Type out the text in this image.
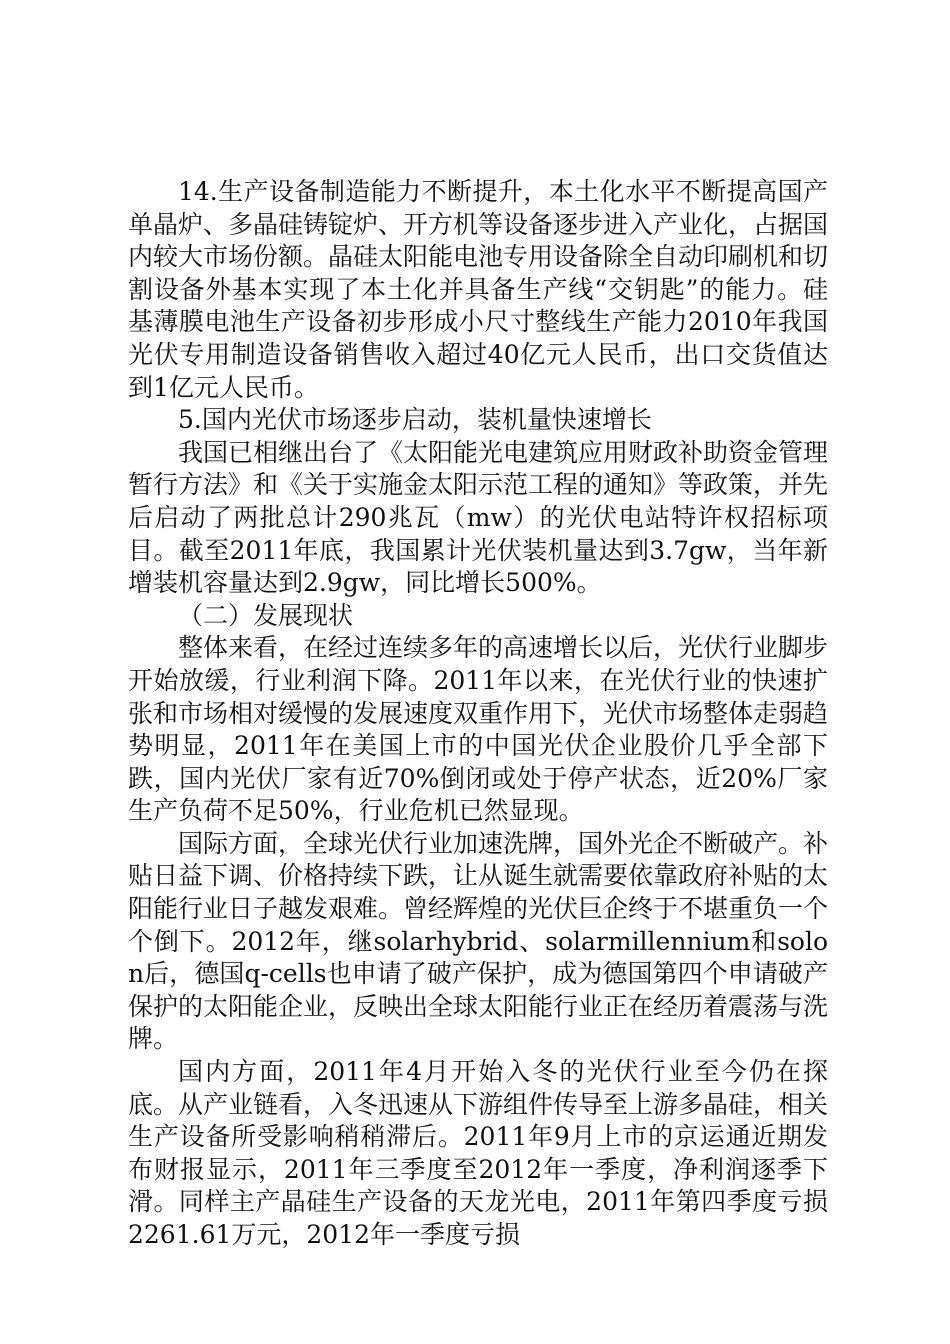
14.生产设备制造能力不断提升，本土化水平不断提高国产单晶炉、多晶硅铸锭炉、开方机等设备逐步进入产业化，占据国内较大市场份额。晶硅太阳能电池专用设备除全自动印刷机和切割设备外基本实现了本土化并具备生产线“交钥匙”的能力。硅基薄膜电池生产设备初步形成小尺寸整线生产能力2010年我国光伏专用制造设备销售收入超过40亿元人民币，出口交货值达到1亿元人民币。

5.国内光伏市场逐步启动，装机量快速增长

我国已相继出台了《太阳能光电建筑应用财政补助资金管理暂行方法》和《关于实施金太阳示范工程的通知》等政策，并先后启动了两批总计290兆瓦（mw）的光伏电站特许权招标项目。截至2011年底，我国累计光伏装机量达到3.7gw，当年新增装机容量达到2.9gw，同比增长500%。

（二）发展现状

整体来看，在经过连续多年的高速增长以后，光伏行业脚步开始放缓，行业利润下降。2011年以来，在光伏行业的快速扩张和市场相对缓慢的发展速度双重作用下，光伏市场整体走弱趋势明显，2011年在美国上市的中国光伏企业股价几乎全部下跌，国内光伏厂家有近70%倒闭或处于停产状态，近20%厂家生产负荷不足50%，行业危机已然显现。

国际方面，全球光伏行业加速洗牌，国外光企不断破产。补贴日益下调、价格持续下跌，让从诞生就需要依靠政府补贴的太阳能行业日子越发艰难。曾经辉煌的光伏巨企终于不堪重负一个个倒下。2012年，继solarhybrid、solarmillennium和solon后，德国q-cells也申请了破产保护，成为德国第四个申请破产保护的太阳能企业，反映出全球太阳能行业正在经历着震荡与洗牌。

国内方面，2011年4月开始入冬的光伏行业至今仍在探底。从产业链看，入冬迅速从下游组件传导至上游多晶硅，相关生产设备所受影响稍稍滞后。2011年9月上市的京运通近期发布财报显示，2011年三季度至2012年一季度，净利润逐季下滑。同样主产晶硅生产设备的天龙光电，2011年第四季度亏损2261.61万元，2012年一季度亏损
